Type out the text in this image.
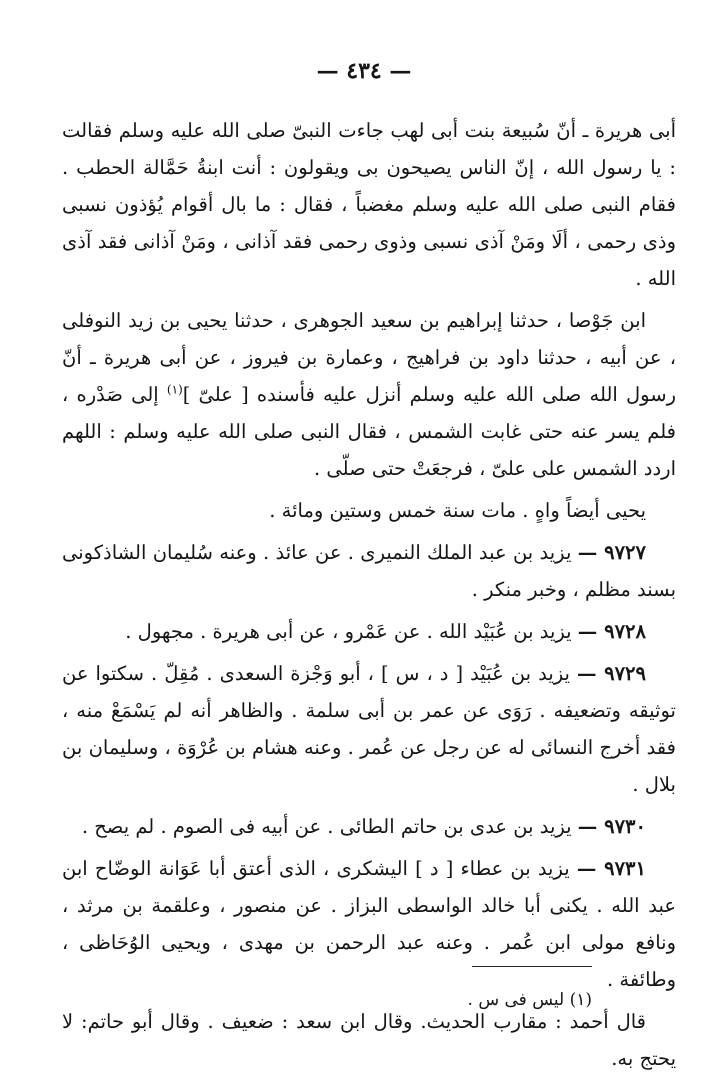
— ٤٣٤ —

أبى هريرة ـ أنّ سُبيعة بنت أبى لهب جاءت النبىّ صلى الله عليه وسلم فقالت : يا رسول الله ، إنّ الناس يصيحون بى ويقولون : أنت ابنةُ حَمَّالة الحطب . فقام النبى صلى الله عليه وسلم مغضباً ، فقال : ما بال أقوام يُؤذون نسبى وذى رحمى ، ألَا ومَنْ آذى نسبى وذوى رحمى فقد آذانى ، ومَنْ آذانى فقد آذى الله .

ابن جَوْصا ، حدثنا إبراهيم بن سعيد الجوهرى ، حدثنا يحيى بن زيد النوفلى ، عن أبيه ، حدثنا داود بن فراهيج ، وعمارة بن فيروز ، عن أبى هريرة ـ أنّ رسول الله صلى الله عليه وسلم أنزل عليه فأسنده [ علىّ ]$^{(١)}$ إلى صَدْره ، فلم يسر عنه حتى غابت الشمس ، فقال النبى صلى الله عليه وسلم : اللهم اردد الشمس على علىّ ، فرجعَتْ حتى صلّى .

يحيى أيضاً واهٍ . مات سنة خمس وستين ومائة .

٩٧٢٧ — يزيد بن عبد الملك النميرى . عن عائذ . وعنه سُليمان الشاذكونى بسند مظلم ، وخبر منكر .

٩٧٢٨ — يزيد بن عُبَيْد الله . عن عَمْرو ، عن أبى هريرة . مجهول .

٩٧٢٩ — يزيد بن عُبَيْد [ د ، س ] ، أبو وَجْزة السعدى . مُقِلّ . سكتوا عن توثيقه وتضعيفه . رَوَى عن عمر بن أبى سلمة . والظاهر أنه لم يَسْمَعْ منه ، فقد أخرج النسائى له عن رجل عن عُمر . وعنه هشام بن عُرْوَة ، وسليمان بن بلال .

٩٧٣٠ — يزيد بن عدى بن حاتم الطائى . عن أبيه فى الصوم . لم يصح .

٩٧٣١ — يزيد بن عطاء [ د ] اليشكرى ، الذى أعتق أبا عَوَانة الوضّاح ابن عبد الله . يكنى أبا خالد الواسطى البزاز . عن منصور ، وعلقمة بن مرثد ، ونافع مولى ابن عُمر . وعنه عبد الرحمن بن مهدى ، ويحيى الوُحَاظى ، وطائفة .

قال أحمد : مقارب الحديث. وقال ابن سعد : ضعيف . وقال أبو حاتم: لا يحتج به.

(١) ليس فى س .
